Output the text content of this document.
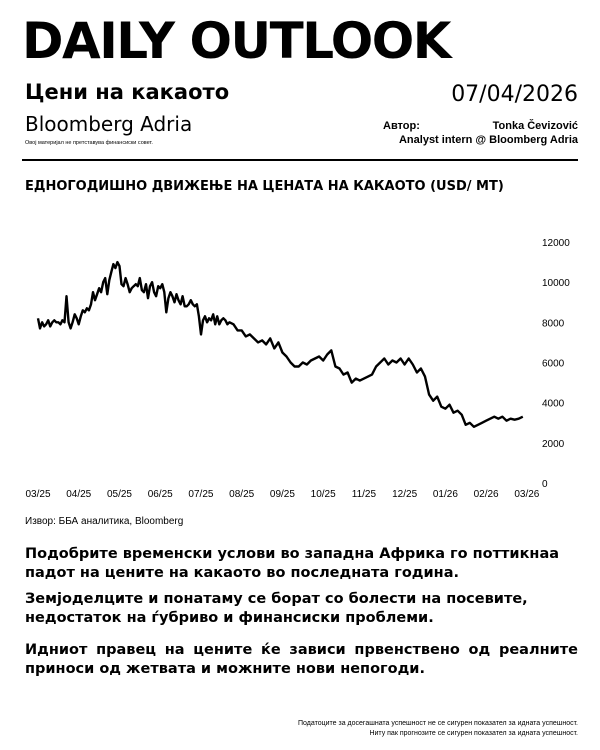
DAILY OUTLOOK
Цени на какаото	07/04/2026
Bloomberg Adria
Овој материјал не претставува финансиски совет.
Автор:	Tonka Čevizović
Analyst intern @ Bloomberg Adria
ЕДНОГОДИШНО ДВИЖЕЊЕ НА ЦЕНАТА НА КАКАОТО (USD/ MT)
0
2000
4000
6000
8000
10000
12000
03/25 04/25 05/25 06/25 07/25 08/25 09/25 10/25 11/25 12/25 01/26 02/26 03/26
Извор: ББА аналитика, Bloomberg
Подобрите временски услови во западна Африка го поттикнаа падот на цените на какаото во последната година.
Земјоделците и понатаму се борат со болести на посевите, недостаток на ѓубриво и финансиски проблеми.
Идниот правец на цените ќе зависи првенствено од реалните приноси од жетвата и можните нови непогоди.
Податоците за досегашната успешност не се сигурен показател за идната успешност.
Ниту пак прогнозите се сигурен показател за идната успешност.
